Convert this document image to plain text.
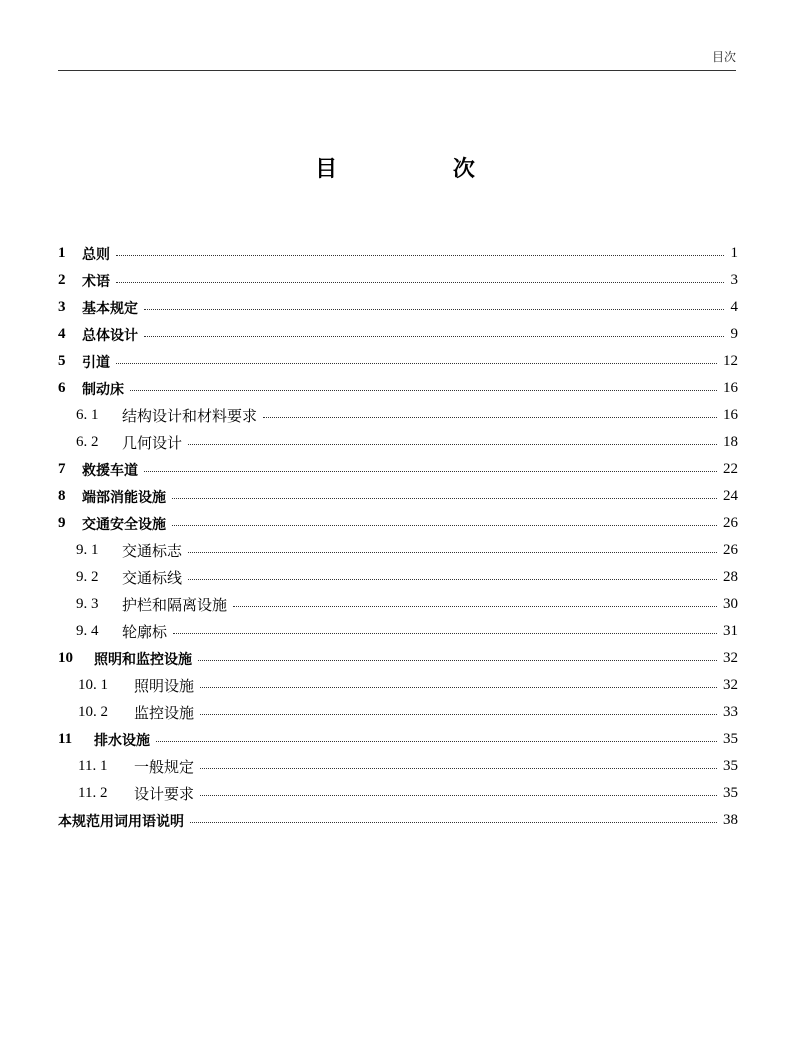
目次
目 次
1	总则	1
2	术语	3
3	基本规定	4
4	总体设计	9
5	引道	12
6	制动床	16
6. 1	结构设计和材料要求	16
6. 2	几何设计	18
7	救援车道	22
8	端部消能设施	24
9	交通安全设施	26
9. 1	交通标志	26
9. 2	交通标线	28
9. 3	护栏和隔离设施	30
9. 4	轮廓标	31
10	照明和监控设施	32
10. 1	照明设施	32
10. 2	监控设施	33
11	排水设施	35
11. 1	一般规定	35
11. 2	设计要求	35
本规范用词用语说明	38
